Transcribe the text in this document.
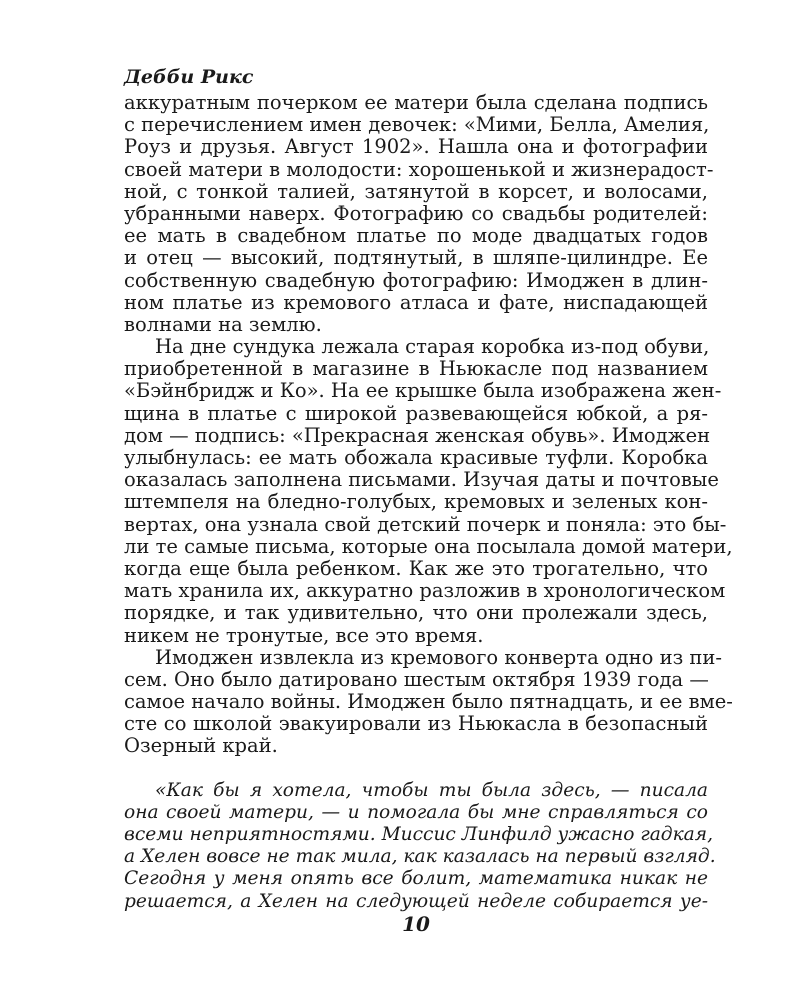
Дебби Рикс
аккуратным почерком ее матери была сделана подпись
с перечислением имен девочек: «Мими, Белла, Амелия,
Роуз и друзья. Август 1902». Нашла она и фотографии
своей матери в молодости: хорошенькой и жизнерадост-
ной, с тонкой талией, затянутой в корсет, и волосами,
убранными наверх. Фотографию со свадьбы родителей:
ее мать в свадебном платье по моде двадцатых годов
и отец — высокий, подтянутый, в шляпе-цилиндре. Ее
собственную свадебную фотографию: Имоджен в длин-
ном платье из кремового атласа и фате, ниспадающей
волнами на землю.
На дне сундука лежала старая коробка из-под обуви,
приобретенной в магазине в Ньюкасле под названием
«Бэйнбридж и Ко». На ее крышке была изображена жен-
щина в платье с широкой развевающейся юбкой, а ря-
дом — подпись: «Прекрасная женская обувь». Имоджен
улыбнулась: ее мать обожала красивые туфли. Коробка
оказалась заполнена письмами. Изучая даты и почтовые
штемпеля на бледно-голубых, кремовых и зеленых кон-
вертах, она узнала свой детский почерк и поняла: это бы-
ли те самые письма, которые она посылала домой матери,
когда еще была ребенком. Как же это трогательно, что
мать хранила их, аккуратно разложив в хронологическом
порядке, и так удивительно, что они пролежали здесь,
никем не тронутые, все это время.
Имоджен извлекла из кремового конверта одно из пи-
сем. Оно было датировано шестым октября 1939 года —
самое начало войны. Имоджен было пятнадцать, и ее вме-
сте со школой эвакуировали из Ньюкасла в безопасный
Озерный край.
«Как бы я хотела, чтобы ты была здесь, — писала
она своей матери, — и помогала бы мне справляться со
всеми неприятностями. Миссис Линфилд ужасно гадкая,
а Хелен вовсе не так мила, как казалась на первый взгляд.
Сегодня у меня опять все болит, математика никак не
решается, а Хелен на следующей неделе собирается уе-
10
